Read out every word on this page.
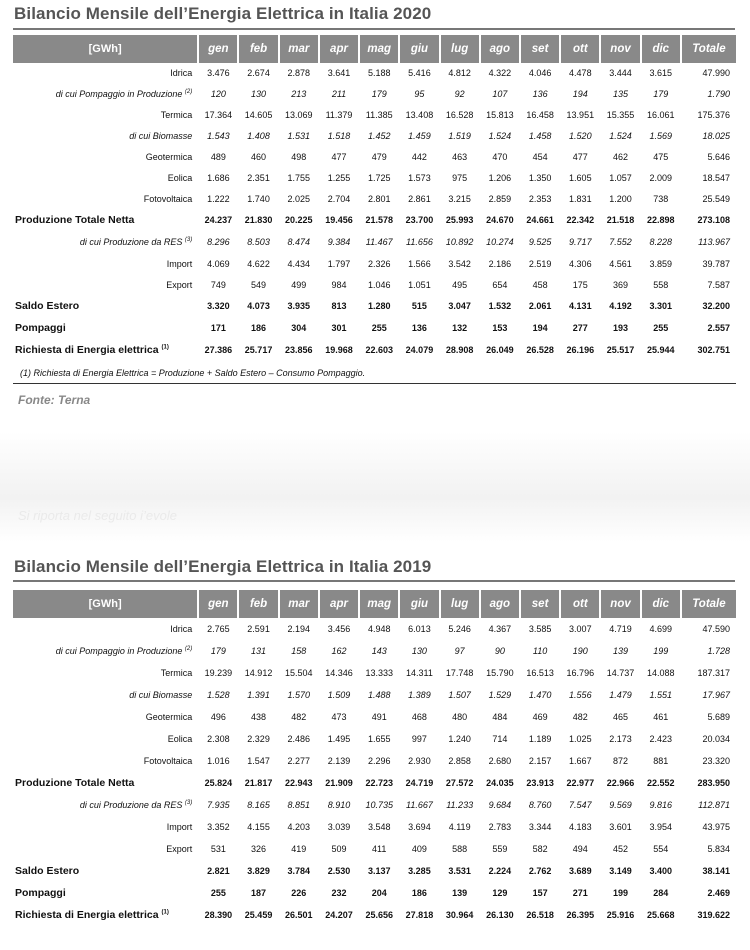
Bilancio Mensile dell’Energia Elettrica in Italia 2020
[GWh]	gen	feb	mar	apr	mag	giu	lug	ago	set	ott	nov	dic	Totale
Idrica	3.476	2.674	2.878	3.641	5.188	5.416	4.812	4.322	4.046	4.478	3.444	3.615	47.990
di cui Pompaggio in Produzione $^{(2)}$	120	130	213	211	179	95	92	107	136	194	135	179	1.790
Termica	17.364	14.605	13.069	11.379	11.385	13.408	16.528	15.813	16.458	13.951	15.355	16.061	175.376
di cui Biomasse	1.543	1.408	1.531	1.518	1.452	1.459	1.519	1.524	1.458	1.520	1.524	1.569	18.025
Geotermica	489	460	498	477	479	442	463	470	454	477	462	475	5.646
Eolica	1.686	2.351	1.755	1.255	1.725	1.573	975	1.206	1.350	1.605	1.057	2.009	18.547
Fotovoltaica	1.222	1.740	2.025	2.704	2.801	2.861	3.215	2.859	2.353	1.831	1.200	738	25.549
Produzione Totale Netta	24.237	21.830	20.225	19.456	21.578	23.700	25.993	24.670	24.661	22.342	21.518	22.898	273.108
di cui Produzione da RES $^{(3)}$	8.296	8.503	8.474	9.384	11.467	11.656	10.892	10.274	9.525	9.717	7.552	8.228	113.967
Import	4.069	4.622	4.434	1.797	2.326	1.566	3.542	2.186	2.519	4.306	4.561	3.859	39.787
Export	749	549	499	984	1.046	1.051	495	654	458	175	369	558	7.587
Saldo Estero	3.320	4.073	3.935	813	1.280	515	3.047	1.532	2.061	4.131	4.192	3.301	32.200
Pompaggi	171	186	304	301	255	136	132	153	194	277	193	255	2.557
Richiesta di Energia elettrica $^{(1)}$	27.386	25.717	23.856	19.968	22.603	24.079	28.908	26.049	26.528	26.196	25.517	25.944	302.751
(1) Richiesta di Energia Elettrica = Produzione + Saldo Estero – Consumo Pompaggio.
Fonte: Terna
Si riporta nel seguito i’evole
Bilancio Mensile dell’Energia Elettrica in Italia 2019
[GWh]	gen	feb	mar	apr	mag	giu	lug	ago	set	ott	nov	dic	Totale
Idrica	2.765	2.591	2.194	3.456	4.948	6.013	5.246	4.367	3.585	3.007	4.719	4.699	47.590
di cui Pompaggio in Produzione $^{(2)}$	179	131	158	162	143	130	97	90	110	190	139	199	1.728
Termica	19.239	14.912	15.504	14.346	13.333	14.311	17.748	15.790	16.513	16.796	14.737	14.088	187.317
di cui Biomasse	1.528	1.391	1.570	1.509	1.488	1.389	1.507	1.529	1.470	1.556	1.479	1.551	17.967
Geotermica	496	438	482	473	491	468	480	484	469	482	465	461	5.689
Eolica	2.308	2.329	2.486	1.495	1.655	997	1.240	714	1.189	1.025	2.173	2.423	20.034
Fotovoltaica	1.016	1.547	2.277	2.139	2.296	2.930	2.858	2.680	2.157	1.667	872	881	23.320
Produzione Totale Netta	25.824	21.817	22.943	21.909	22.723	24.719	27.572	24.035	23.913	22.977	22.966	22.552	283.950
di cui Produzione da RES $^{(3)}$	7.935	8.165	8.851	8.910	10.735	11.667	11.233	9.684	8.760	7.547	9.569	9.816	112.871
Import	3.352	4.155	4.203	3.039	3.548	3.694	4.119	2.783	3.344	4.183	3.601	3.954	43.975
Export	531	326	419	509	411	409	588	559	582	494	452	554	5.834
Saldo Estero	2.821	3.829	3.784	2.530	3.137	3.285	3.531	2.224	2.762	3.689	3.149	3.400	38.141
Pompaggi	255	187	226	232	204	186	139	129	157	271	199	284	2.469
Richiesta di Energia elettrica $^{(1)}$	28.390	25.459	26.501	24.207	25.656	27.818	30.964	26.130	26.518	26.395	25.916	25.668	319.622
